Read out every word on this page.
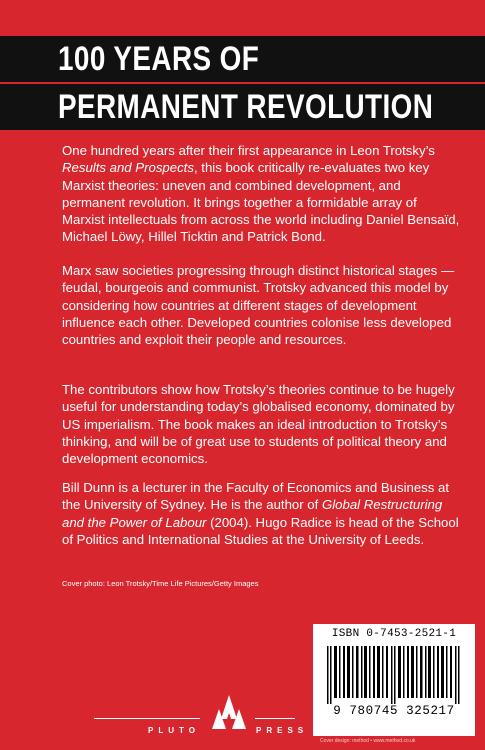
100 YEARS OF
PERMANENT REVOLUTION

One hundred years after their first appearance in Leon Trotsky’s Results and Prospects, this book critically re-evaluates two key Marxist theories: uneven and combined development, and permanent revolution. It brings together a formidable array of Marxist intellectuals from across the world including Daniel Bensaïd, Michael Löwy, Hillel Ticktin and Patrick Bond.

Marx saw societies progressing through distinct historical stages — feudal, bourgeois and communist. Trotsky advanced this model by considering how countries at different stages of development influence each other. Developed countries colonise less developed countries and exploit their people and resources.

The contributors show how Trotsky’s theories continue to be hugely useful for understanding today’s globalised economy, dominated by US imperialism. The book makes an ideal introduction to Trotsky’s thinking, and will be of great use to students of political theory and development economics.

Bill Dunn is a lecturer in the Faculty of Economics and Business at the University of Sydney. He is the author of Global Restructuring and the Power of Labour (2004). Hugo Radice is head of the School of Politics and International Studies at the University of Leeds.

Cover photo: Leon Trotsky/Time Life Pictures/Getty Images
PLUTO	PRESS
ISBN 0-7453-2521-1
9 780745 325217
Cover design: method • www.method.co.uk
